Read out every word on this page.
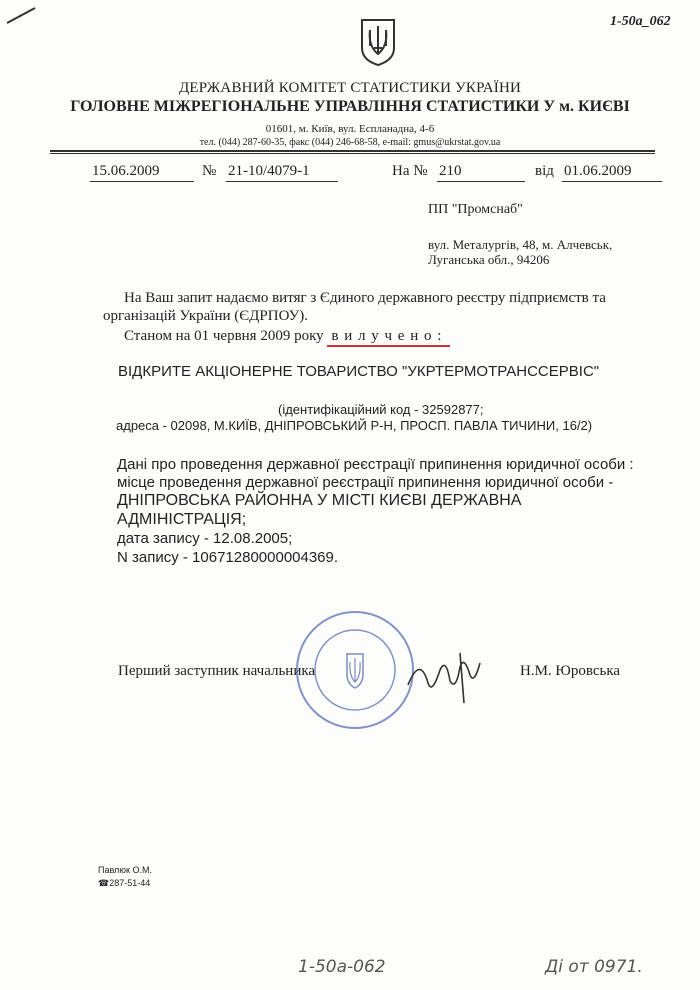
1-50a_062
ДЕРЖАВНИЙ КОМІТЕТ СТАТИСТИКИ УКРАЇНИ
ГОЛОВНЕ МІЖРЕГІОНАЛЬНЕ УПРАВЛІННЯ СТАТИСТИКИ У м. КИЄВІ
01601, м. Київ, вул. Еспланадна, 4-6
тел. (044) 287-60-35, факс (044) 246-68-58, e-mail: gmus@ukrstat.gov.ua
15.06.2009	№ 21-10/4079-1	На № 210	від 01.06.2009
ПП "Промснаб"
вул. Металургів, 48, м. Алчевськ,
Луганська обл., 94206
На Ваш запит надаємо витяг з Єдиного державного реєстру підприємств та
організацій України (ЄДРПОУ).
Станом на 01 червня 2009 року в и л у ч е н о :
ВІДКРИТЕ АКЦІОНЕРНЕ ТОВАРИСТВО "УКРТЕРМОТРАНССЕРВІС"
(ідентифікаційний код - 32592877;
адреса - 02098, М.КИЇВ, ДНІПРОВСЬКИЙ Р-Н, ПРОСП. ПАВЛА ТИЧИНИ, 16/2)
Дані про проведення державної реєстрації припинення юридичної особи :
місце проведення державної реєстрації припинення юридичної особи -
ДНІПРОВСЬКА РАЙОННА У МІСТІ КИЄВІ ДЕРЖАВНА
АДМІНІСТРАЦІЯ;
дата запису - 12.08.2005;
N запису - 10671280000004369.
Перший заступник начальника	Н.М. Юровська
Павлюк О.М.
☎287-51-44
1-50a-062	Ді от 0971.
